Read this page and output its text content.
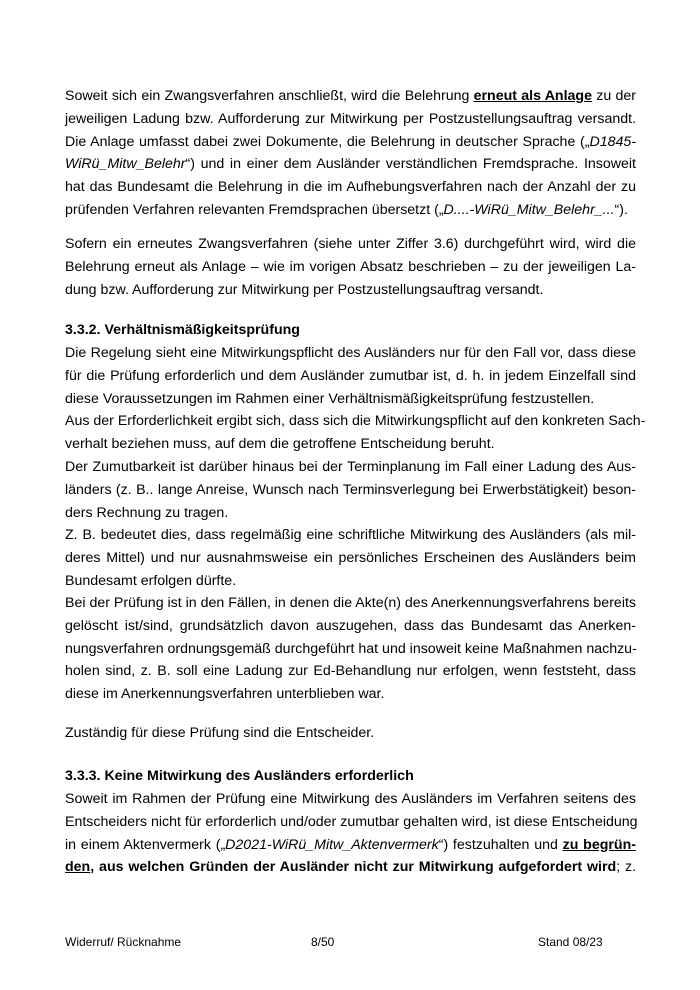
Soweit sich ein Zwangsverfahren anschließt, wird die Belehrung erneut als Anlage zu der
jeweiligen Ladung bzw. Aufforderung zur Mitwirkung per Postzustellungsauftrag versandt.
Die Anlage umfasst dabei zwei Dokumente, die Belehrung in deutscher Sprache („D1845-
WiRü_Mitw_Belehr“) und in einer dem Ausländer verständlichen Fremdsprache. Insoweit
hat das Bundesamt die Belehrung in die im Aufhebungsverfahren nach der Anzahl der zu
prüfenden Verfahren relevanten Fremdsprachen übersetzt („D....-WiRü_Mitw_Belehr_...“).
Sofern ein erneutes Zwangsverfahren (siehe unter Ziffer 3.6) durchgeführt wird, wird die
Belehrung erneut als Anlage – wie im vorigen Absatz beschrieben – zu der jeweiligen La-
dung bzw. Aufforderung zur Mitwirkung per Postzustellungsauftrag versandt.
3.3.2. Verhältnismäßigkeitsprüfung
Die Regelung sieht eine Mitwirkungspflicht des Ausländers nur für den Fall vor, dass diese
für die Prüfung erforderlich und dem Ausländer zumutbar ist, d. h. in jedem Einzelfall sind
diese Voraussetzungen im Rahmen einer Verhältnismäßigkeitsprüfung festzustellen.
Aus der Erforderlichkeit ergibt sich, dass sich die Mitwirkungspflicht auf den konkreten Sach-
verhalt beziehen muss, auf dem die getroffene Entscheidung beruht.
Der Zumutbarkeit ist darüber hinaus bei der Terminplanung im Fall einer Ladung des Aus-
länders (z. B.. lange Anreise, Wunsch nach Terminsverlegung bei Erwerbstätigkeit) beson-
ders Rechnung zu tragen.
Z. B. bedeutet dies, dass regelmäßig eine schriftliche Mitwirkung des Ausländers (als mil-
deres Mittel) und nur ausnahmsweise ein persönliches Erscheinen des Ausländers beim
Bundesamt erfolgen dürfte.
Bei der Prüfung ist in den Fällen, in denen die Akte(n) des Anerkennungsverfahrens bereits
gelöscht ist/sind, grundsätzlich davon auszugehen, dass das Bundesamt das Anerken-
nungsverfahren ordnungsgemäß durchgeführt hat und insoweit keine Maßnahmen nachzu-
holen sind, z. B. soll eine Ladung zur Ed-Behandlung nur erfolgen, wenn feststeht, dass
diese im Anerkennungsverfahren unterblieben war.
Zuständig für diese Prüfung sind die Entscheider.
3.3.3. Keine Mitwirkung des Ausländers erforderlich
Soweit im Rahmen der Prüfung eine Mitwirkung des Ausländers im Verfahren seitens des
Entscheiders nicht für erforderlich und/oder zumutbar gehalten wird, ist diese Entscheidung
in einem Aktenvermerk („D2021-WiRü_Mitw_Aktenvermerk“) festzuhalten und zu begrün-
den, aus welchen Gründen der Ausländer nicht zur Mitwirkung aufgefordert wird; z.
Widerruf/ Rücknahme	8/50	Stand 08/23
